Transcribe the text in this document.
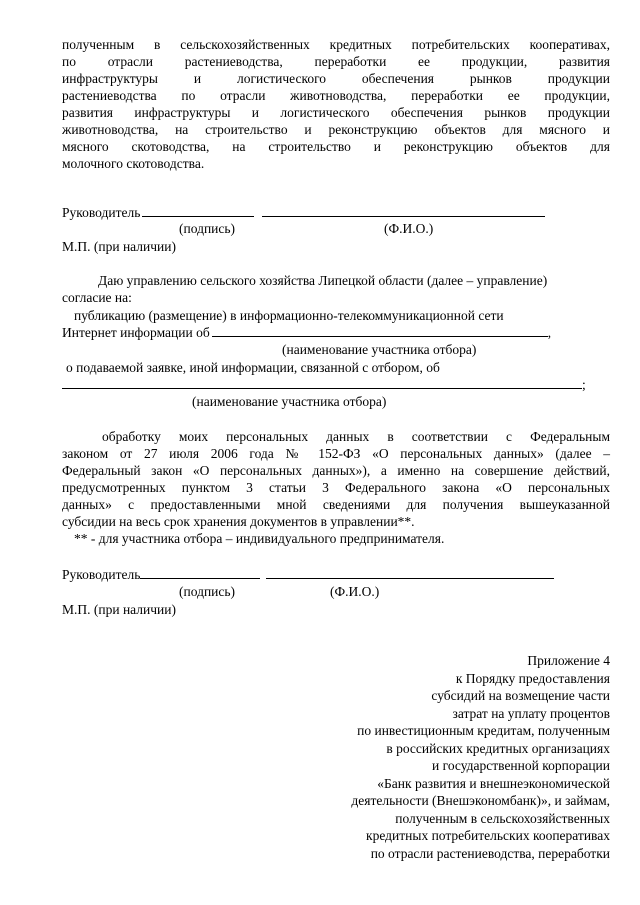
полученным в сельскохозяйственных кредитных потребительских кооперативах,
по отрасли растениеводства, переработки ее продукции, развития
инфраструктуры и логистического обеспечения рынков продукции
растениеводства по отрасли животноводства, переработки ее продукции,
развития инфраструктуры и логистического обеспечения рынков продукции
животноводства, на строительство и реконструкцию объектов для мясного и
мясного скотоводства, на строительство и реконструкцию объектов для
молочного скотоводства.
Руководитель
(подпись)	(Ф.И.О.)
М.П. (при наличии)
Даю управлению сельского хозяйства Липецкой области (далее – управление)
согласие на:
публикацию (размещение) в информационно-телекоммуникационной сети
Интернет информации об	,
(наименование участника отбора)
о подаваемой заявке, иной информации, связанной с отбором, об
;
(наименование участника отбора)
обработку моих персональных данных в соответствии с Федеральным
законом от 27 июля 2006 года № 152-ФЗ «О персональных данных» (далее –
Федеральный закон «О персональных данных»), а именно на совершение действий,
предусмотренных пунктом 3 статьи 3 Федерального закона «О персональных
данных» с предоставленными мной сведениями для получения вышеуказанной
субсидии на весь срок хранения документов в управлении**.
** - для участника отбора – индивидуального предпринимателя.
Руководитель
(подпись)	(Ф.И.О.)
М.П. (при наличии)
Приложение 4
к Порядку предоставления
субсидий на возмещение части
затрат на уплату процентов
по инвестиционным кредитам, полученным
в российских кредитных организациях
и государственной корпорации
«Банк развития и внешнеэкономической
деятельности (Внешэкономбанк)», и займам,
полученным в сельскохозяйственных
кредитных потребительских кооперативах
по отрасли растениеводства, переработки
